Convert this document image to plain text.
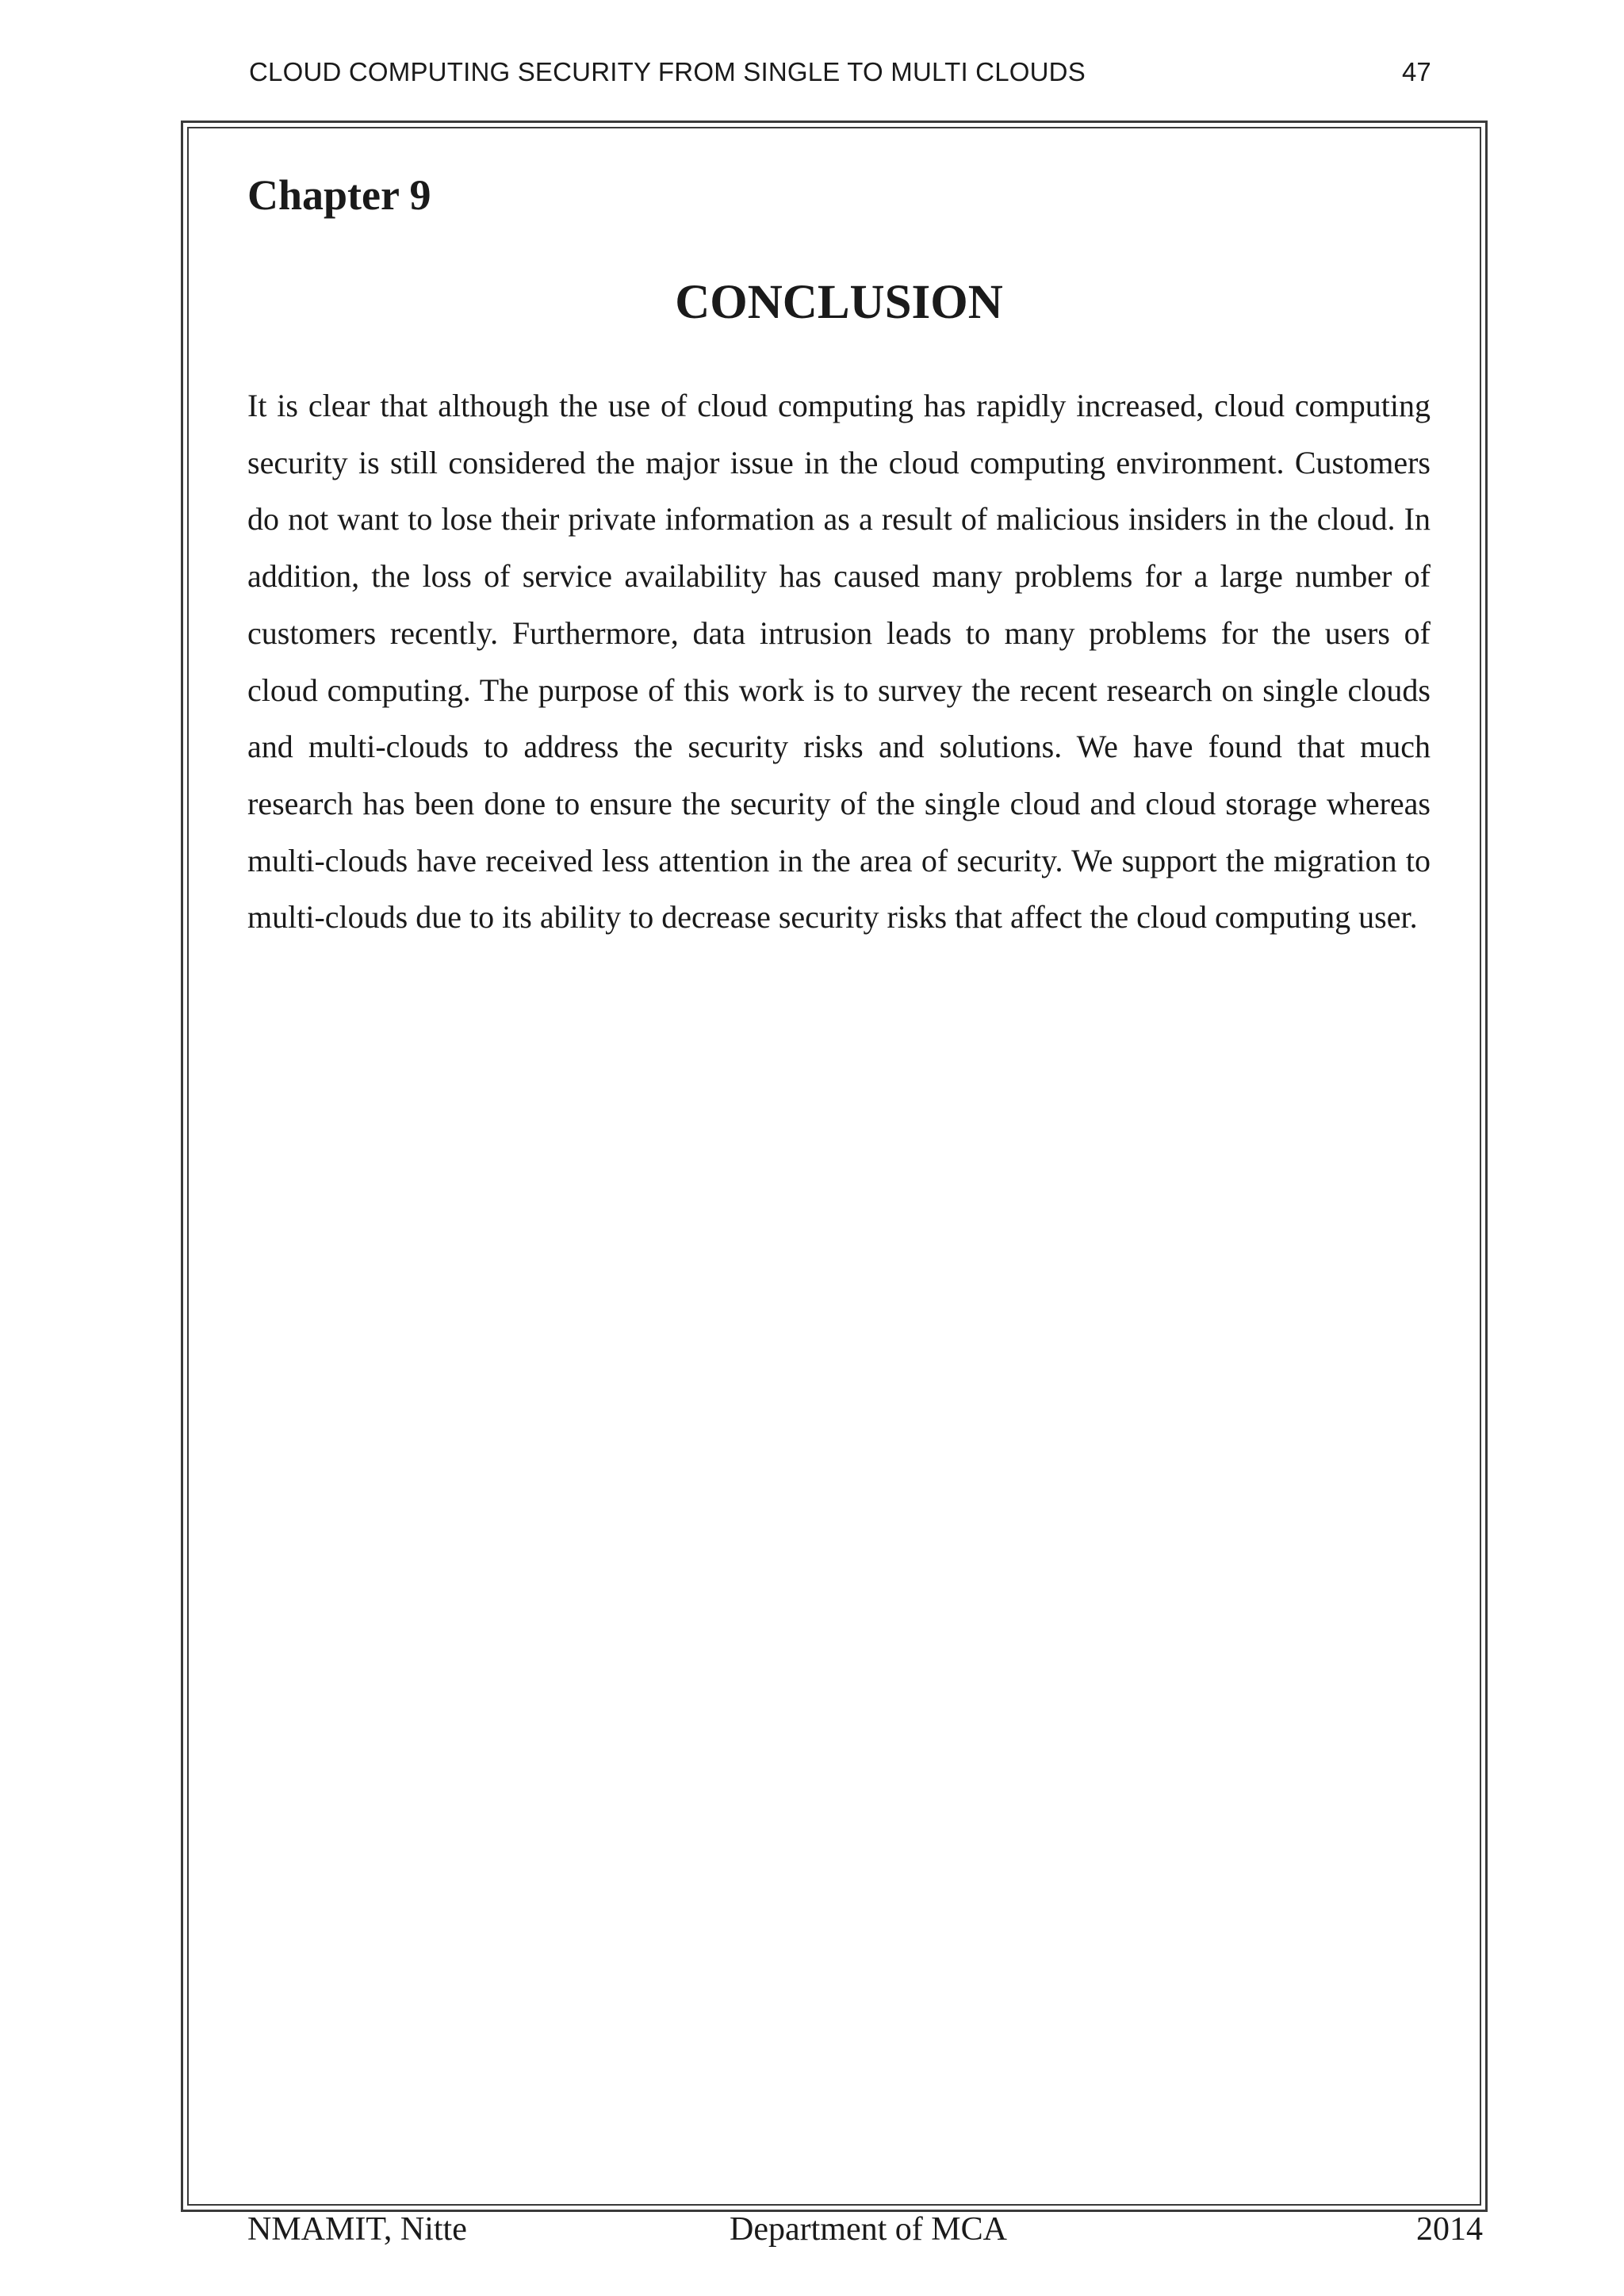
CLOUD COMPUTING SECURITY FROM SINGLE TO MULTI CLOUDS	47
Chapter 9
CONCLUSION

It is clear that although the use of cloud computing has rapidly increased, cloud computing security is still considered the major issue in the cloud computing environment. Customers do not want to lose their private information as a result of malicious insiders in the cloud. In addition, the loss of service availability has caused many problems for a large number of customers recently. Furthermore, data intrusion leads to many problems for the users of cloud computing. The purpose of this work is to survey the recent research on single clouds and multi-clouds to address the security risks and solutions. We have found that much research has been done to ensure the security of the single cloud and cloud storage whereas multi-clouds have received less attention in the area of security. We support the migration to multi-clouds due to its ability to decrease security risks that affect the cloud computing user.

NMAMIT, Nitte	Department of MCA	2014
